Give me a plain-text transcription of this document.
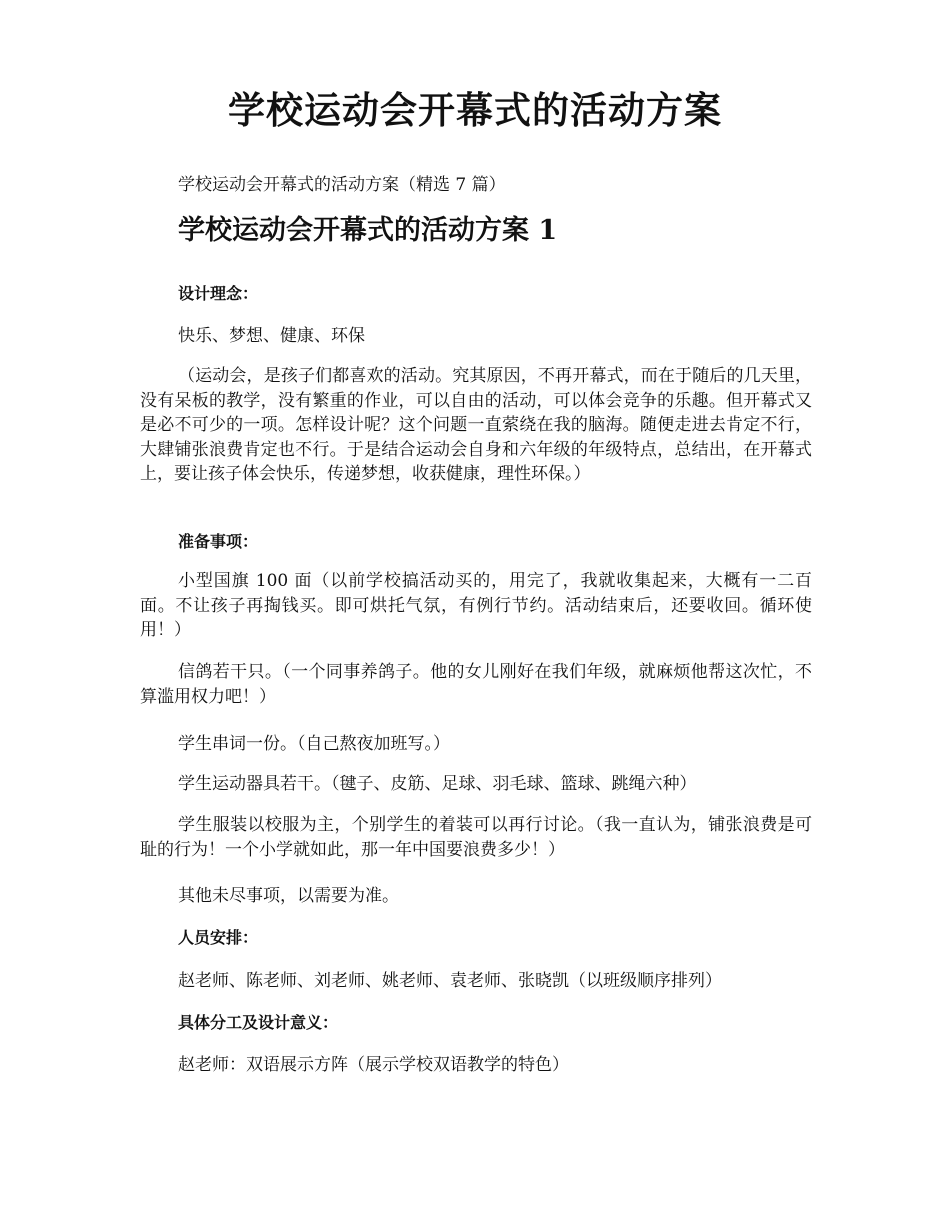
学校运动会开幕式的活动方案

学校运动会开幕式的活动方案（精选 7 篇）

学校运动会开幕式的活动方案 1

设计理念：

快乐、梦想、健康、环保

（运动会，是孩子们都喜欢的活动。究其原因，不再开幕式，而在于随后的几天里，没有呆板的教学，没有繁重的作业，可以自由的活动，可以体会竞争的乐趣。但开幕式又是必不可少的一项。怎样设计呢？这个问题一直萦绕在我的脑海。随便走进去肯定不行，大肆铺张浪费肯定也不行。于是结合运动会自身和六年级的年级特点，总结出，在开幕式上，要让孩子体会快乐，传递梦想，收获健康，理性环保。）

准备事项：

小型国旗 100 面（以前学校搞活动买的，用完了，我就收集起来，大概有一二百面。不让孩子再掏钱买。即可烘托气氛，有例行节约。活动结束后，还要收回。循环使用！）

信鸽若干只。（一个同事养鸽子。他的女儿刚好在我们年级，就麻烦他帮这次忙，不算滥用权力吧！）

学生串词一份。（自己熬夜加班写。）

学生运动器具若干。（毽子、皮筋、足球、羽毛球、篮球、跳绳六种）

学生服装以校服为主，个别学生的着装可以再行讨论。（我一直认为，铺张浪费是可耻的行为！一个小学就如此，那一年中国要浪费多少！）

其他未尽事项，以需要为准。

人员安排：

赵老师、陈老师、刘老师、姚老师、袁老师、张晓凯（以班级顺序排列）

具体分工及设计意义：

赵老师：双语展示方阵（展示学校双语教学的特色）
